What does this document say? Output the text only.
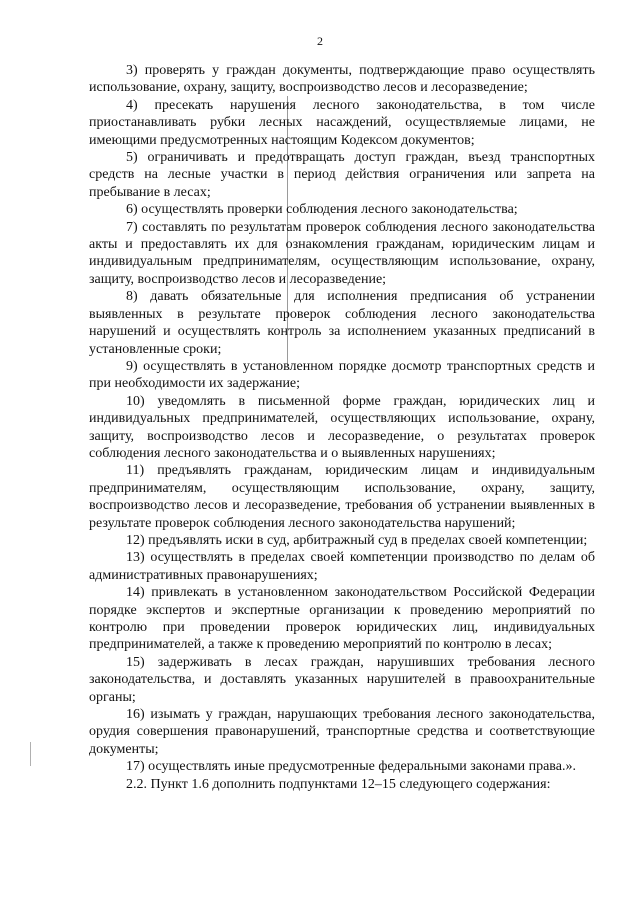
2

3) проверять у граждан документы, подтверждающие право осуществлять использование, охрану, защиту, воспроизводство лесов и лесоразведение;

4) пресекать нарушения лесного законодательства, в том числе приостанавливать рубки лесных насаждений, осуществляемые лицами, не имеющими предусмотренных настоящим Кодексом документов;

5) ограничивать и предотвращать доступ граждан, въезд транспортных средств на лесные участки в период действия ограничения или запрета на пребывание в лесах;

6) осуществлять проверки соблюдения лесного законодательства;

7) составлять по результатам проверок соблюдения лесного законодательства акты и предоставлять их для ознакомления гражданам, юридическим лицам и индивидуальным предпринимателям, осуществляющим использование, охрану, защиту, воспроизводство лесов и лесоразведение;

8) давать обязательные для исполнения предписания об устранении выявленных в результате проверок соблюдения лесного законодательства нарушений и осуществлять контроль за исполнением указанных предписаний в установленные сроки;

9) осуществлять в установленном порядке досмотр транспортных средств и при необходимости их задержание;

10) уведомлять в письменной форме граждан, юридических лиц и индивидуальных предпринимателей, осуществляющих использование, охрану, защиту, воспроизводство лесов и лесоразведение, о результатах проверок соблюдения лесного законодательства и о выявленных нарушениях;

11) предъявлять гражданам, юридическим лицам и индивидуальным предпринимателям, осуществляющим использование, охрану, защиту, воспроизводство лесов и лесоразведение, требования об устранении выявленных в результате проверок соблюдения лесного законодательства нарушений;

12) предъявлять иски в суд, арбитражный суд в пределах своей компетенции;

13) осуществлять в пределах своей компетенции производство по делам об административных правонарушениях;

14) привлекать в установленном законодательством Российской Федерации порядке экспертов и экспертные организации к проведению мероприятий по контролю при проведении проверок юридических лиц, индивидуальных предпринимателей, а также к проведению мероприятий по контролю в лесах;

15) задерживать в лесах граждан, нарушивших требования лесного законодательства, и доставлять указанных нарушителей в правоохранительные органы;

16) изымать у граждан, нарушающих требования лесного законодательства, орудия совершения правонарушений, транспортные средства и соответствующие документы;

17) осуществлять иные предусмотренные федеральными законами права.».

2.2. Пункт 1.6 дополнить подпунктами 12–15 следующего содержания:
